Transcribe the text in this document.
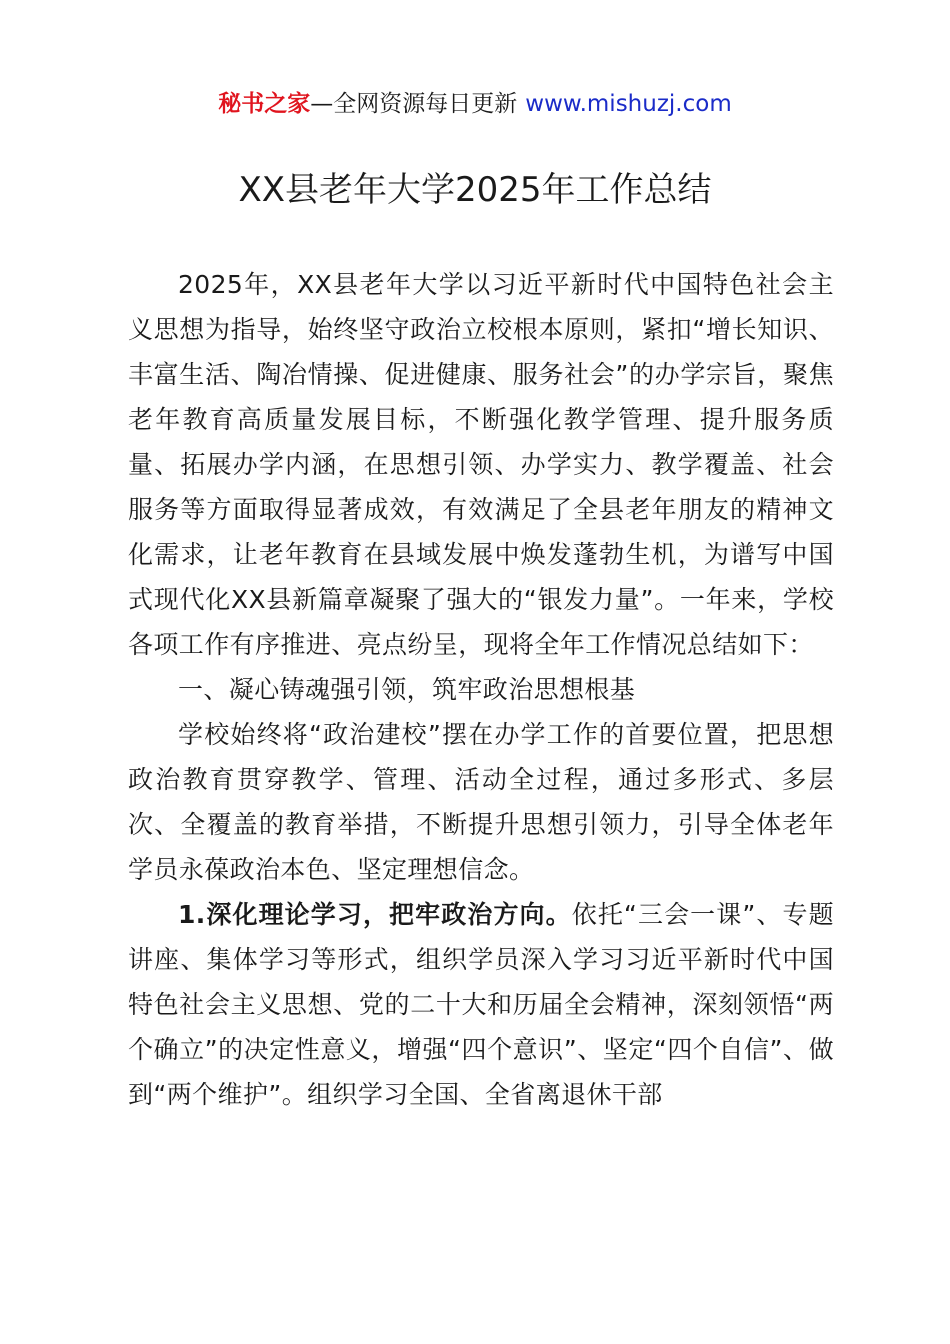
秘书之家—全网资源每日更新 www.mishuzj.com
XX县老年大学2025年工作总结

2025年，XX县老年大学以习近平新时代中国特色社会主义思想为指导，始终坚守政治立校根本原则，紧扣“增长知识、丰富生活、陶冶情操、促进健康、服务社会”的办学宗旨，聚焦老年教育高质量发展目标，不断强化教学管理、提升服务质量、拓展办学内涵，在思想引领、办学实力、教学覆盖、社会服务等方面取得显著成效，有效满足了全县老年朋友的精神文化需求，让老年教育在县域发展中焕发蓬勃生机，为谱写中国式现代化XX县新篇章凝聚了强大的“银发力量”。一年来，学校各项工作有序推进、亮点纷呈，现将全年工作情况总结如下：

一、凝心铸魂强引领，筑牢政治思想根基

学校始终将“政治建校”摆在办学工作的首要位置，把思想政治教育贯穿教学、管理、活动全过程，通过多形式、多层次、全覆盖的教育举措，不断提升思想引领力，引导全体老年学员永葆政治本色、坚定理想信念。

1.深化理论学习，把牢政治方向。依托“三会一课”、专题讲座、集体学习等形式，组织学员深入学习习近平新时代中国特色社会主义思想、党的二十大和历届全会精神，深刻领悟“两个确立”的决定性意义，增强“四个意识”、坚定“四个自信”、做到“两个维护”。组织学习全国、全省离退休干部
